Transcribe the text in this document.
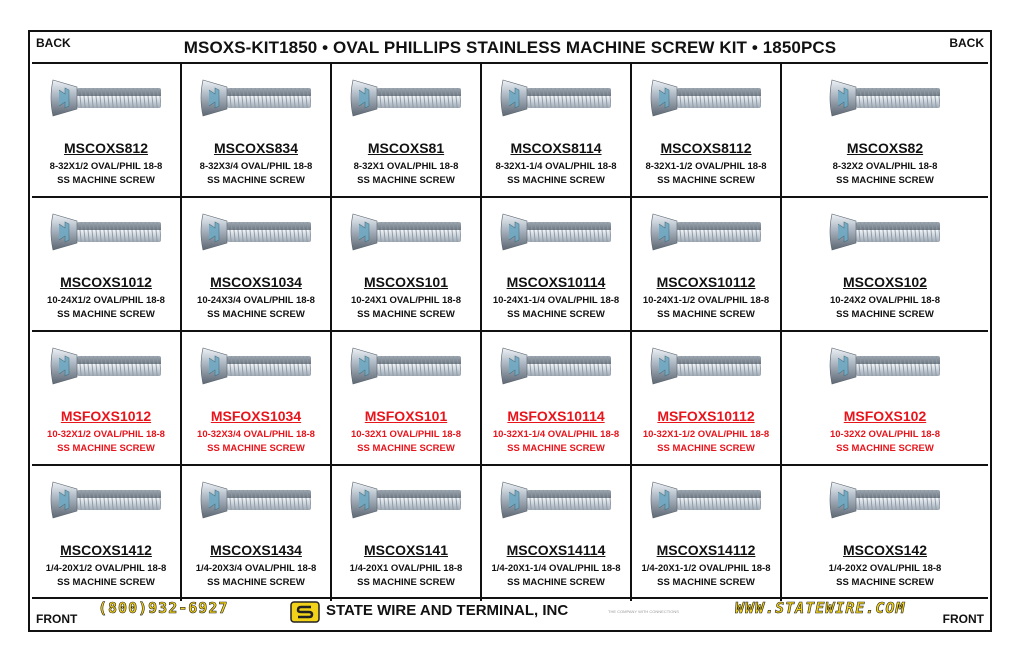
BACK	BACK
MSOXS-KIT1850 • OVAL PHILLIPS STAINLESS MACHINE SCREW KIT • 1850PCS
MSCOXS812
8-32X1/2 OVAL/PHIL 18-8
SS MACHINE SCREW
MSCOXS834
8-32X3/4 OVAL/PHIL 18-8
SS MACHINE SCREW
MSCOXS81
8-32X1 OVAL/PHIL 18-8
SS MACHINE SCREW
MSCOXS8114
8-32X1-1/4 OVAL/PHIL 18-8
SS MACHINE SCREW
MSCOXS8112
8-32X1-1/2 OVAL/PHIL 18-8
SS MACHINE SCREW
MSCOXS82
8-32X2 OVAL/PHIL 18-8
SS MACHINE SCREW
MSCOXS1012
10-24X1/2 OVAL/PHIL 18-8
SS MACHINE SCREW
MSCOXS1034
10-24X3/4 OVAL/PHIL 18-8
SS MACHINE SCREW
MSCOXS101
10-24X1 OVAL/PHIL 18-8
SS MACHINE SCREW
MSCOXS10114
10-24X1-1/4 OVAL/PHIL 18-8
SS MACHINE SCREW
MSCOXS10112
10-24X1-1/2 OVAL/PHIL 18-8
SS MACHINE SCREW
MSCOXS102
10-24X2 OVAL/PHIL 18-8
SS MACHINE SCREW
MSFOXS1012
10-32X1/2 OVAL/PHIL 18-8
SS MACHINE SCREW
MSFOXS1034
10-32X3/4 OVAL/PHIL 18-8
SS MACHINE SCREW
MSFOXS101
10-32X1 OVAL/PHIL 18-8
SS MACHINE SCREW
MSFOXS10114
10-32X1-1/4 OVAL/PHIL 18-8
SS MACHINE SCREW
MSFOXS10112
10-32X1-1/2 OVAL/PHIL 18-8
SS MACHINE SCREW
MSFOXS102
10-32X2 OVAL/PHIL 18-8
SS MACHINE SCREW
MSCOXS1412
1/4-20X1/2 OVAL/PHIL 18-8
SS MACHINE SCREW
MSCOXS1434
1/4-20X3/4 OVAL/PHIL 18-8
SS MACHINE SCREW
MSCOXS141
1/4-20X1 OVAL/PHIL 18-8
SS MACHINE SCREW
MSCOXS14114
1/4-20X1-1/4 OVAL/PHIL 18-8
SS MACHINE SCREW
MSCOXS14112
1/4-20X1-1/2 OVAL/PHIL 18-8
SS MACHINE SCREW
MSCOXS142
1/4-20X2 OVAL/PHIL 18-8
SS MACHINE SCREW
FRONT
(800)932-6927	STATE WIRE AND TERMINAL, INC	THE COMPANY WITH CONNECTIONS	WWW.STATEWIRE.COM
FRONT
